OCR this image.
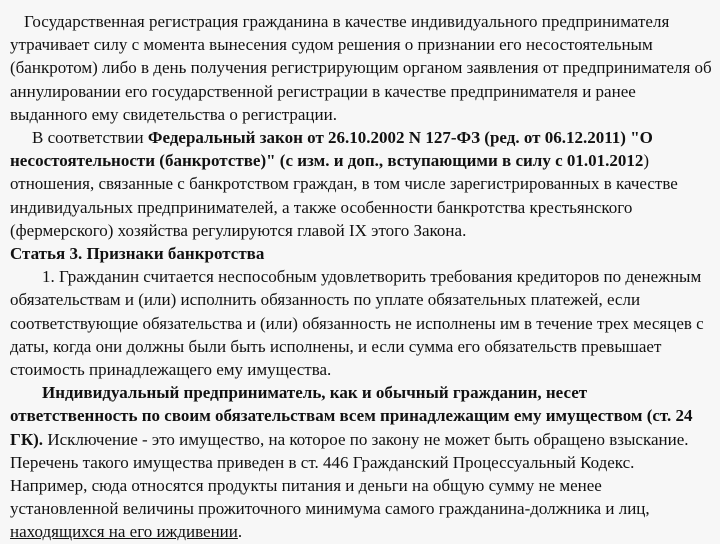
Государственная регистрация гражданина в качестве индивидуального предпринимателя утрачивает силу с момента вынесения судом решения о признании его несостоятельным (банкротом) либо в день получения регистрирующим органом заявления от предпринимателя об аннулировании его государственной регистрации в качестве предпринимателя и ранее выданного ему свидетельства о регистрации.

В соответствии Федеральный закон от 26.10.2002 N 127-ФЗ (ред. от 06.12.2011) "О несостоятельности (банкротстве)" (с изм. и доп., вступающими в силу с 01.01.2012) отношения, связанные с банкротством граждан, в том числе зарегистрированных в качестве индивидуальных предпринимателей, а также особенности банкротства крестьянского (фермерского) хозяйства регулируются главой IX этого Закона.

Статья 3. Признаки банкротства

1. Гражданин считается неспособным удовлетворить требования кредиторов по денежным обязательствам и (или) исполнить обязанность по уплате обязательных платежей, если соответствующие обязательства и (или) обязанность не исполнены им в течение трех месяцев с даты, когда они должны были быть исполнены, и если сумма его обязательств превышает стоимость принадлежащего ему имущества.

Индивидуальный предприниматель, как и обычный гражданин, несет ответственность по своим обязательствам всем принадлежащим ему имуществом (ст. 24 ГК). Исключение - это имущество, на которое по закону не может быть обращено взыскание. Перечень такого имущества приведен в ст. 446 Гражданский Процессуальный Кодекс. Например, сюда относятся продукты питания и деньги на общую сумму не менее установленной величины прожиточного минимума самого гражданина-должника и лиц, находящихся на его иждивении.
